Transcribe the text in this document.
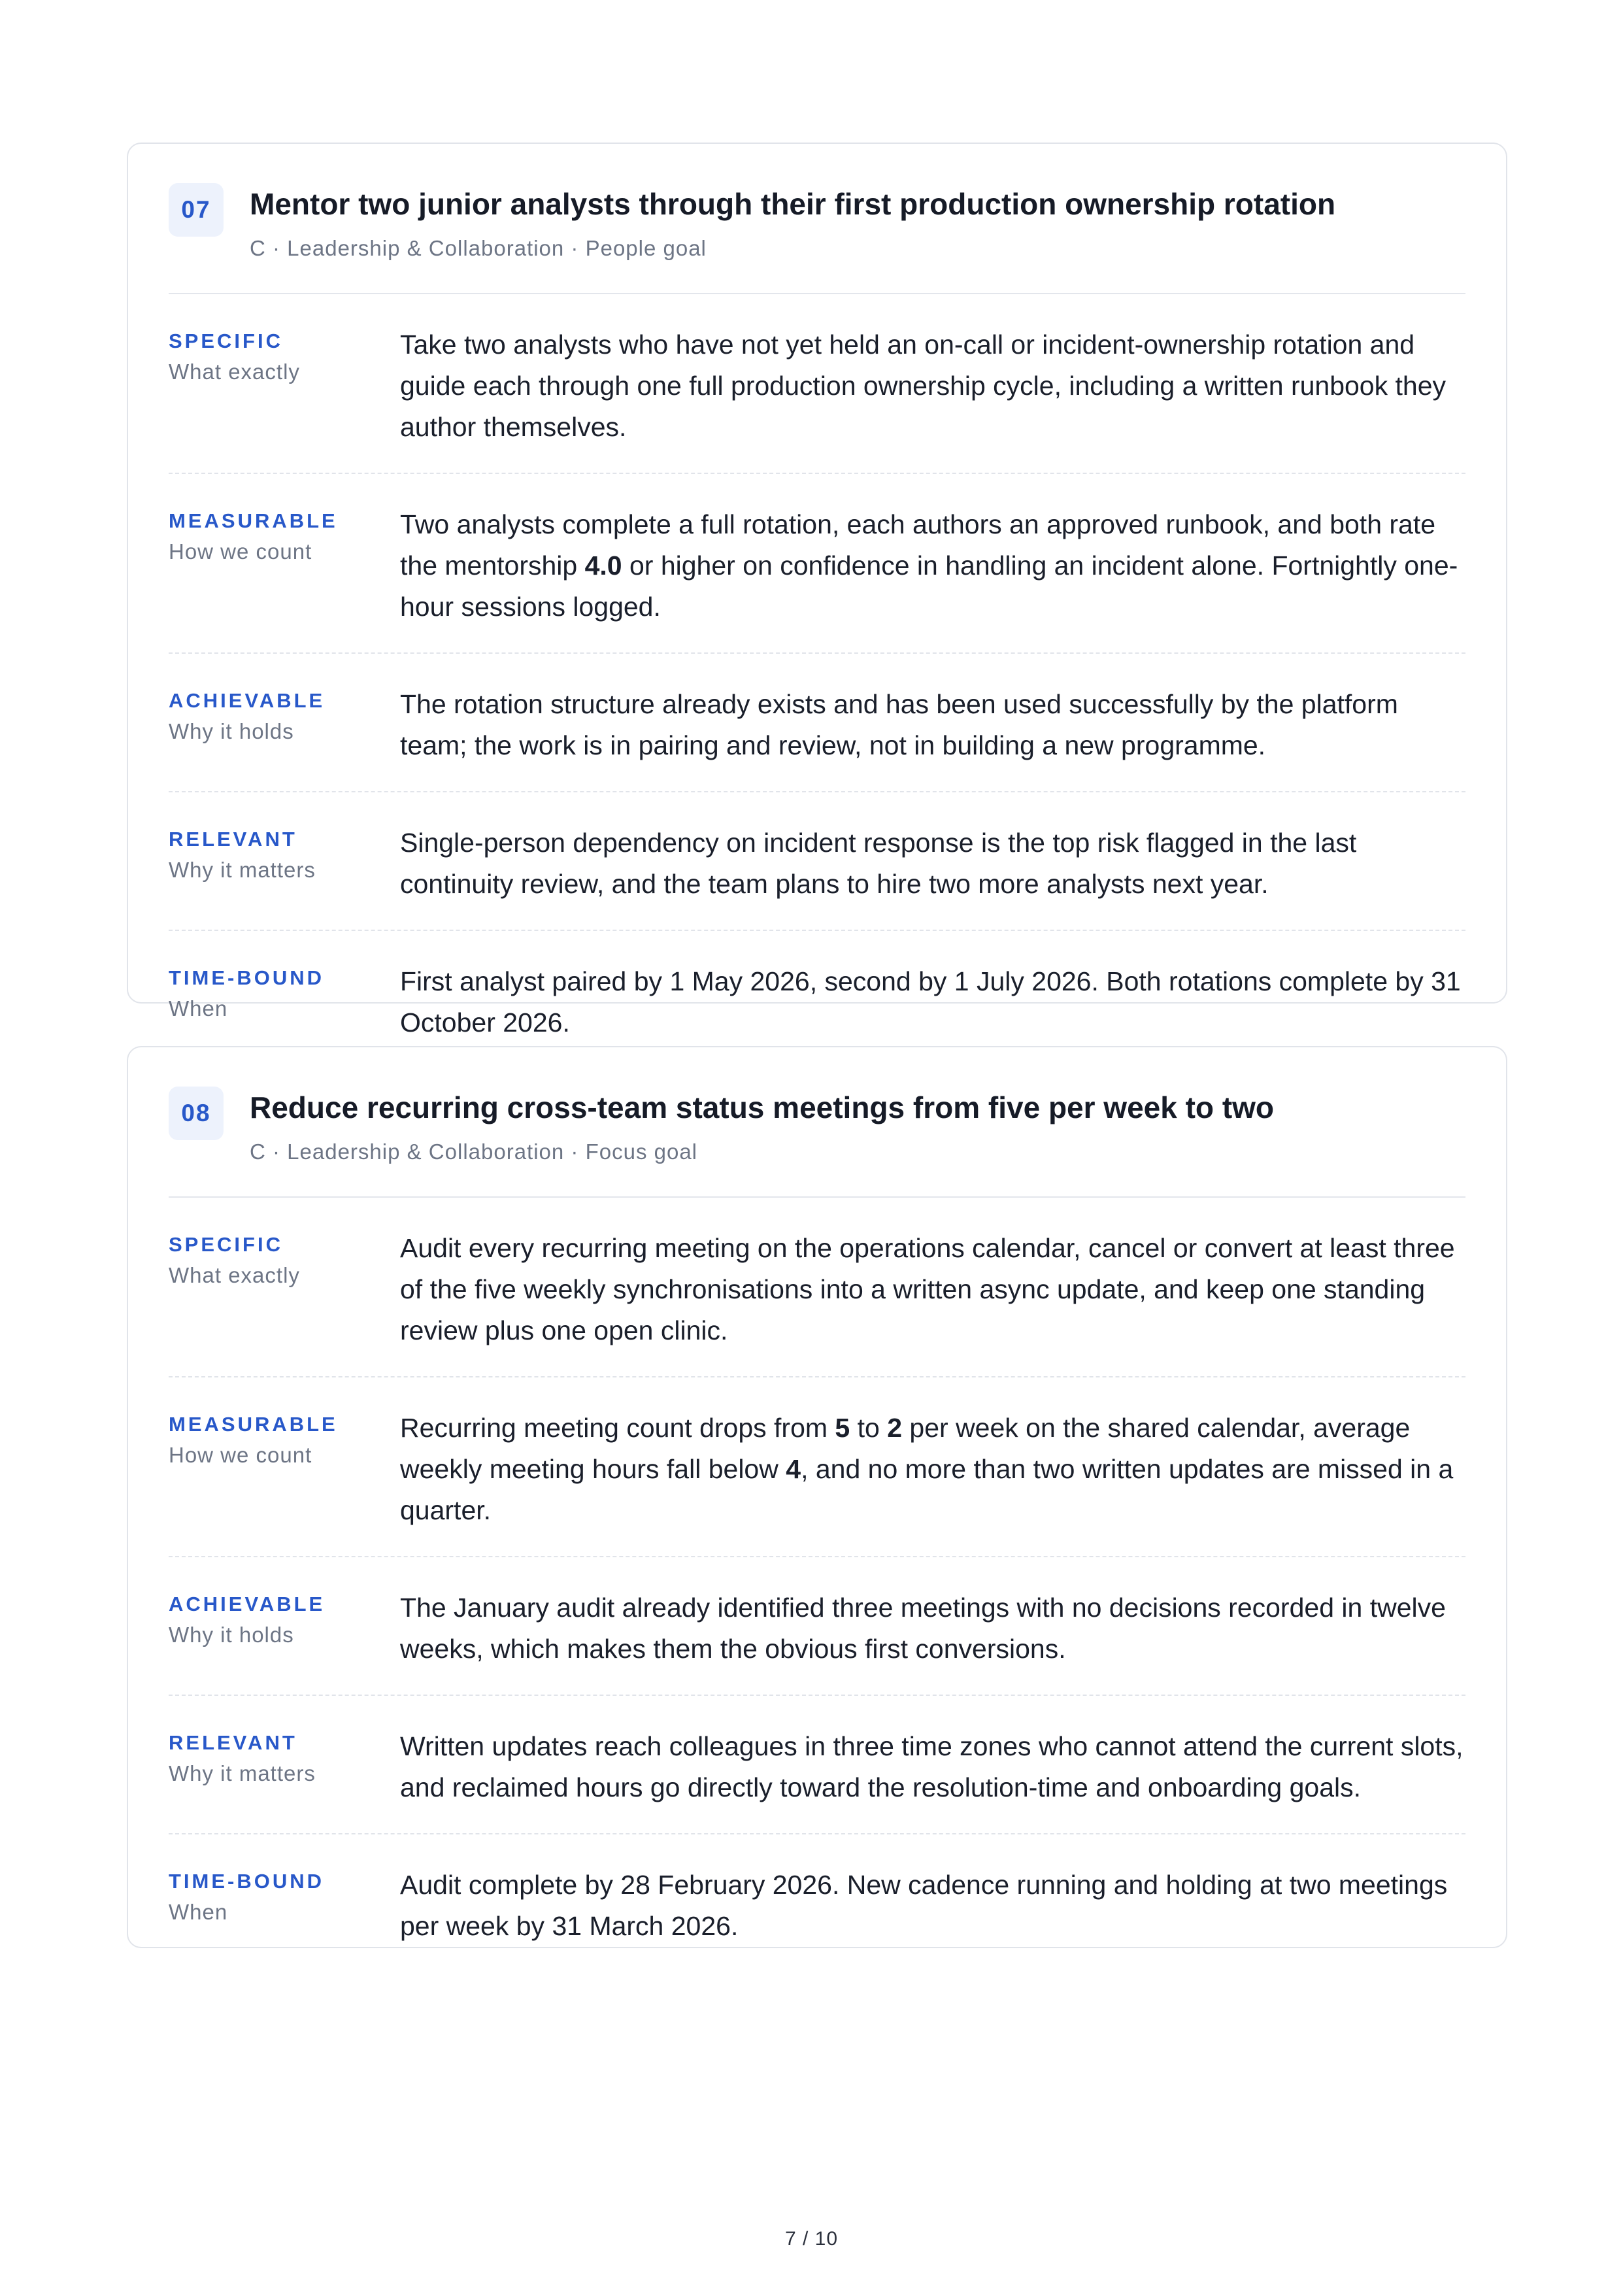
07	Mentor two junior analysts through their first production ownership rotation
C · Leadership & Collaboration · People goal
SPECIFIC
What exactly
Take two analysts who have not yet held an on-call or incident-ownership rotation and guide each through one full production ownership cycle, including a written runbook they author themselves.
MEASURABLE
How we count
Two analysts complete a full rotation, each authors an approved runbook, and both rate the mentorship 4.0 or higher on confidence in handling an incident alone. Fortnightly one-hour sessions logged.
ACHIEVABLE
Why it holds
The rotation structure already exists and has been used successfully by the platform team; the work is in pairing and review, not in building a new programme.
RELEVANT
Why it matters
Single-person dependency on incident response is the top risk flagged in the last continuity review, and the team plans to hire two more analysts next year.
TIME-BOUND
When
First analyst paired by 1 May 2026, second by 1 July 2026. Both rotations complete by 31 October 2026.
08	Reduce recurring cross-team status meetings from five per week to two
C · Leadership & Collaboration · Focus goal
SPECIFIC
What exactly
Audit every recurring meeting on the operations calendar, cancel or convert at least three of the five weekly synchronisations into a written async update, and keep one standing review plus one open clinic.
MEASURABLE
How we count
Recurring meeting count drops from 5 to 2 per week on the shared calendar, average weekly meeting hours fall below 4, and no more than two written updates are missed in a quarter.
ACHIEVABLE
Why it holds
The January audit already identified three meetings with no decisions recorded in twelve weeks, which makes them the obvious first conversions.
RELEVANT
Why it matters
Written updates reach colleagues in three time zones who cannot attend the current slots, and reclaimed hours go directly toward the resolution-time and onboarding goals.
TIME-BOUND
When
Audit complete by 28 February 2026. New cadence running and holding at two meetings per week by 31 March 2026.
7 / 10
